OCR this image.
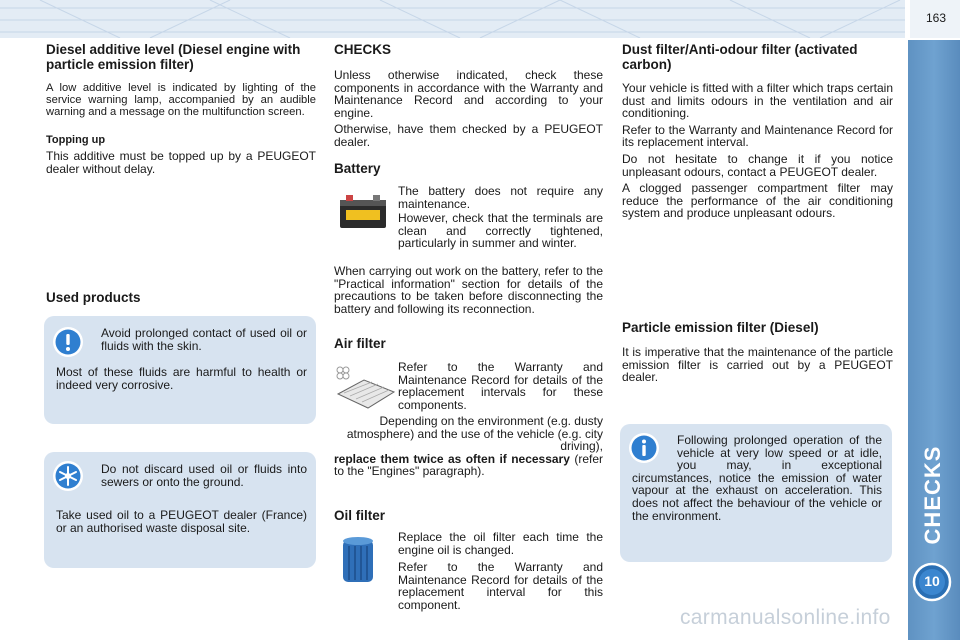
163
CHECKS
10
Diesel additive level (Diesel engine with particle emission filter)

A low additive level is indicated by lighting of the service warning lamp, accompanied by an audible warning and a message on the multifunction screen.

Topping up

This additive must be topped up by a PEUGEOT dealer without delay.

Used products

Avoid prolonged contact of used oil or fluids with the skin.

Most of these fluids are harmful to health or indeed very corrosive.

Do not discard used oil or fluids into sewers or onto the ground.

Take used oil to a PEUGEOT dealer (France) or an authorised waste disposal site.

CHECKS

Unless otherwise indicated, check these components in accordance with the Warranty and Maintenance Record and according to your engine.

Otherwise, have them checked by a PEUGEOT dealer.

Battery

The battery does not require any maintenance.

However, check that the terminals are clean and correctly tightened, particularly in summer and winter.

When carrying out work on the battery, refer to the "Practical information" section for details of the precautions to be taken before disconnecting the battery and following its reconnection.

Air filter

Refer to the Warranty and Maintenance Record for details of the replacement intervals for these components.

Depending on the environment (e.g. dusty atmosphere) and the use of the vehicle (e.g. city driving),
replace them twice as often if necessary (refer to the "Engines" paragraph).

Oil filter

Replace the oil filter each time the engine oil is changed.

Refer to the Warranty and Maintenance Record for details of the replacement interval for this component.

Dust filter/Anti-odour filter (activated carbon)

Your vehicle is fitted with a filter which traps certain dust and limits odours in the ventilation and air conditioning.

Refer to the Warranty and Maintenance Record for its replacement interval.

Do not hesitate to change it if you notice unpleasant odours, contact a PEUGEOT dealer.

A clogged passenger compartment filter may reduce the performance of the air conditioning system and produce unpleasant odours.

Particle emission filter (Diesel)

It is imperative that the maintenance of the particle emission filter is carried out by a PEUGEOT dealer.

Following prolonged operation of the vehicle at very low speed or at idle, you may, in exceptional circumstances, notice the emission of water vapour at the exhaust on acceleration. This does not affect the behaviour of the vehicle or the environment.

carmanualsonline.info
